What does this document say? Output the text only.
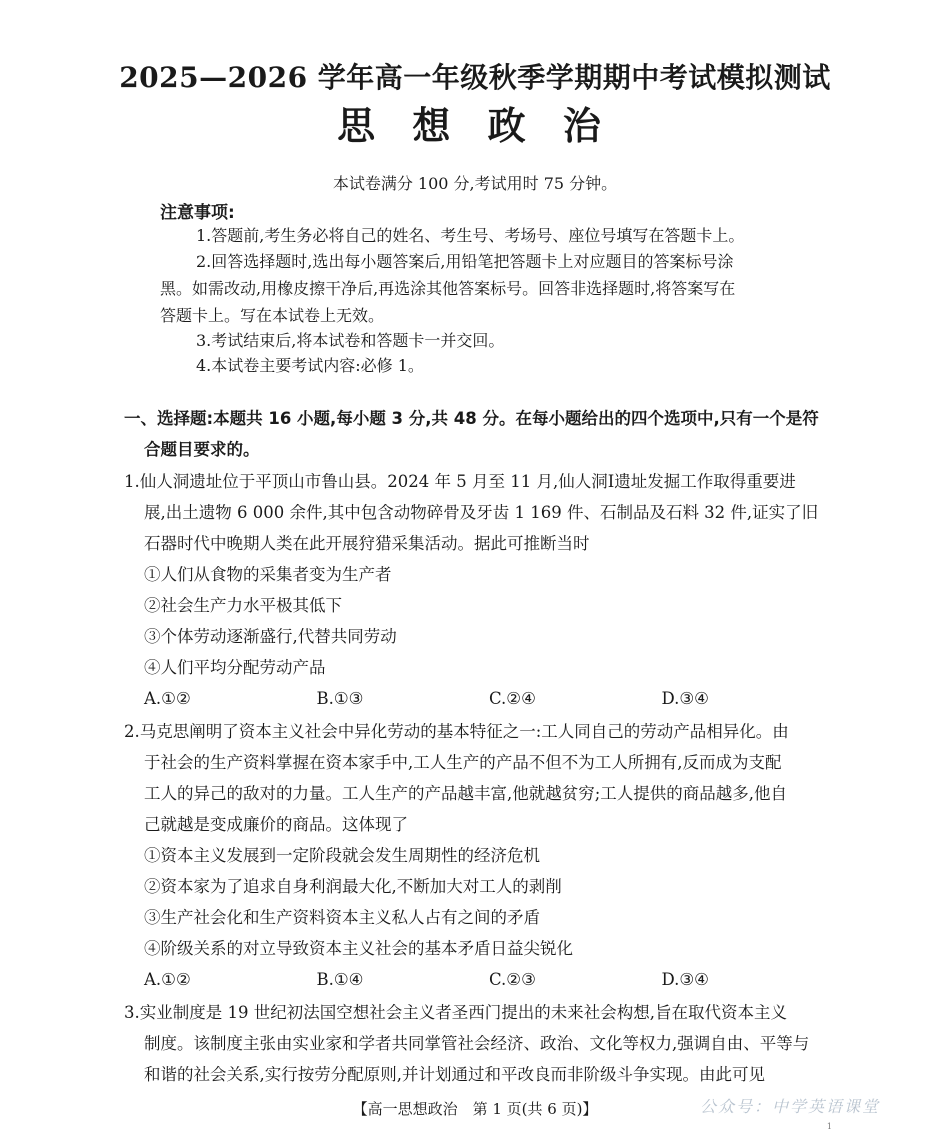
2025—2026 学年高一年级秋季学期期中考试模拟测试
思 想 政 治
本试卷满分 100 分,考试用时 75 分钟。
注意事项:
1.答题前,考生务必将自己的姓名、考生号、考场号、座位号填写在答题卡上。
2.回答选择题时,选出每小题答案后,用铅笔把答题卡上对应题目的答案标号涂
黑。如需改动,用橡皮擦干净后,再选涂其他答案标号。回答非选择题时,将答案写在
答题卡上。写在本试卷上无效。
3.考试结束后,将本试卷和答题卡一并交回。
4.本试卷主要考试内容:必修 1。
一、选择题:本题共 16 小题,每小题 3 分,共 48 分。在每小题给出的四个选项中,只有一个是符
合题目要求的。
1.仙人洞遗址位于平顶山市鲁山县。2024 年 5 月至 11 月,仙人洞Ⅰ遗址发掘工作取得重要进
展,出土遗物 6 000 余件,其中包含动物碎骨及牙齿 1 169 件、石制品及石料 32 件,证实了旧
石器时代中晚期人类在此开展狩猎采集活动。据此可推断当时
①人们从食物的采集者变为生产者
②社会生产力水平极其低下
③个体劳动逐渐盛行,代替共同劳动
④人们平均分配劳动产品
A.①②	B.①③	C.②④	D.③④
2.马克思阐明了资本主义社会中异化劳动的基本特征之一:工人同自己的劳动产品相异化。由
于社会的生产资料掌握在资本家手中,工人生产的产品不但不为工人所拥有,反而成为支配
工人的异己的敌对的力量。工人生产的产品越丰富,他就越贫穷;工人提供的商品越多,他自
己就越是变成廉价的商品。这体现了
①资本主义发展到一定阶段就会发生周期性的经济危机
②资本家为了追求自身利润最大化,不断加大对工人的剥削
③生产社会化和生产资料资本主义私人占有之间的矛盾
④阶级关系的对立导致资本主义社会的基本矛盾日益尖锐化
A.①②	B.①④	C.②③	D.③④
3.实业制度是 19 世纪初法国空想社会主义者圣西门提出的未来社会构想,旨在取代资本主义
制度。该制度主张由实业家和学者共同掌管社会经济、政治、文化等权力,强调自由、平等与
和谐的社会关系,实行按劳分配原则,并计划通过和平改良而非阶级斗争实现。由此可见
【高一思想政治　第 1 页(共 6 页)】	公众号：中学英语课堂
1
